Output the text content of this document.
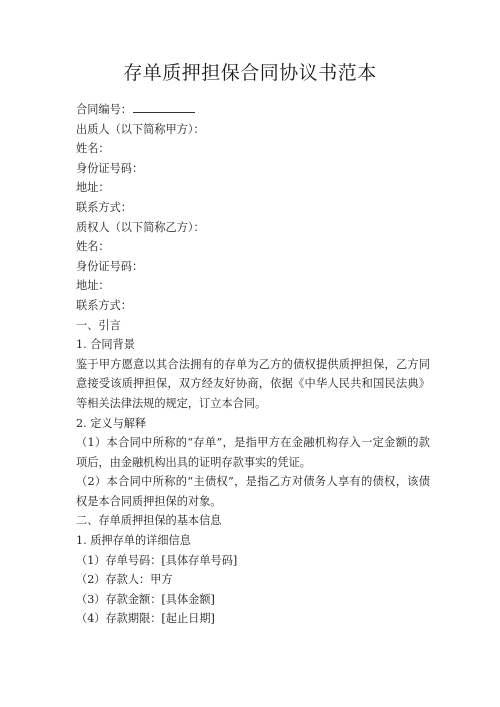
存单质押担保合同协议书范本
合同编号：
出质人（以下简称甲方）：
姓名：
身份证号码：
地址：
联系方式：
质权人（以下简称乙方）：
姓名：
身份证号码：
地址：
联系方式：
一、引言
1. 合同背景
鉴于甲方愿意以其合法拥有的存单为乙方的债权提供质押担保，乙方同意接受该质押担保，双方经友好协商，依据《中华人民共和国民法典》等相关法律法规的规定，订立本合同。
2. 定义与解释
（1）本合同中所称的“存单”，是指甲方在金融机构存入一定金额的款项后，由金融机构出具的证明存款事实的凭证。
（2）本合同中所称的“主债权”，是指乙方对债务人享有的债权，该债权是本合同质押担保的对象。
二、存单质押担保的基本信息
1. 质押存单的详细信息
（1）存单号码：[具体存单号码]
（2）存款人：甲方
（3）存款金额：[具体金额]
（4）存款期限：[起止日期]
